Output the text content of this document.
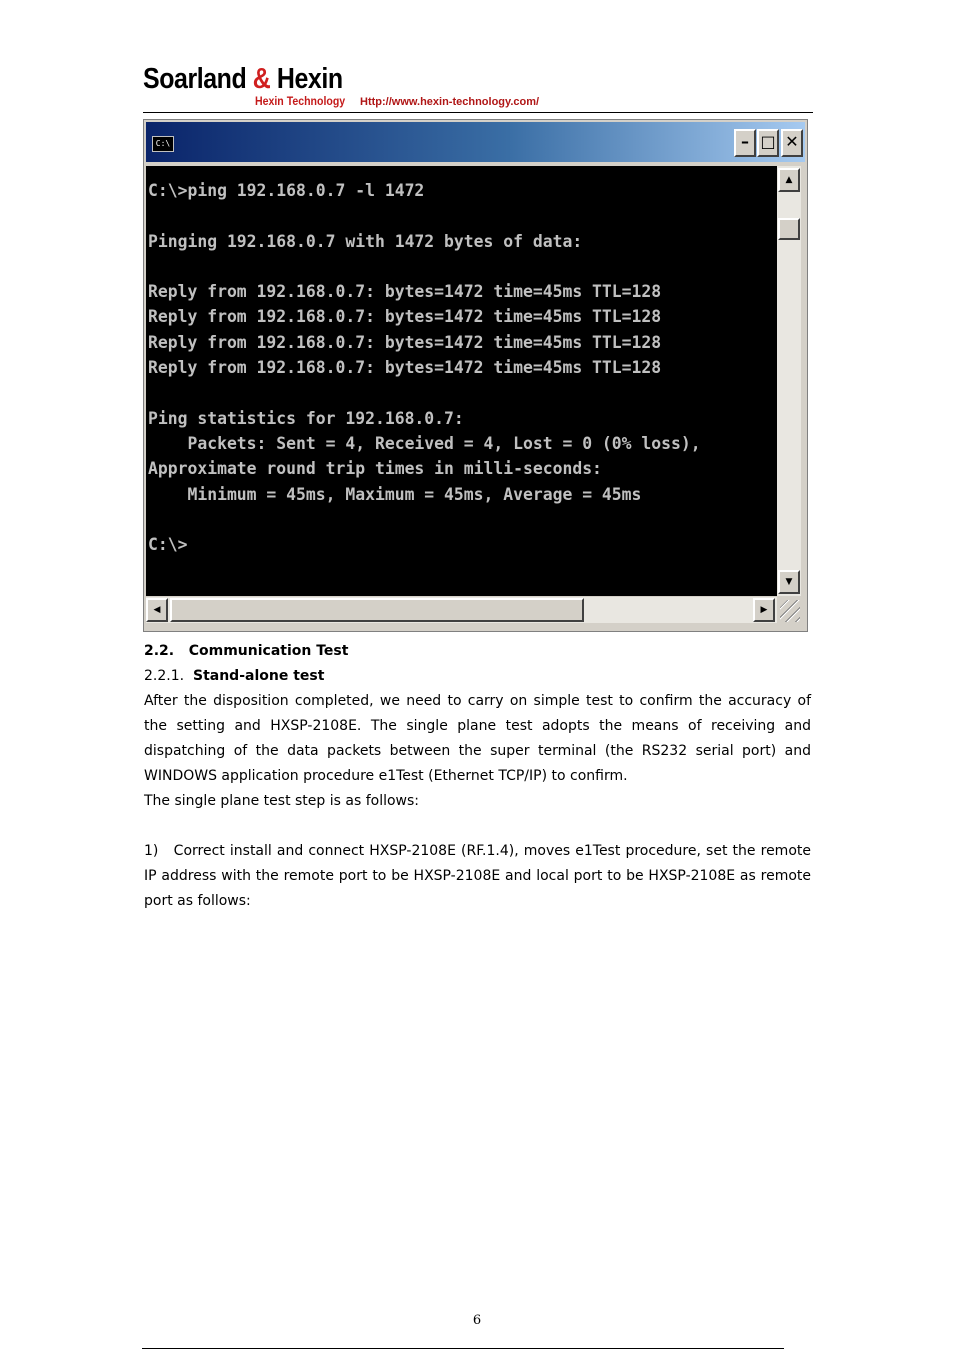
Soarland & Hexin
Hexin Technology Http://www.hexin-technology.com/
C:\	– □ ✕
C:\>ping 192.168.0.7 -l 1472

Pinging 192.168.0.7 with 1472 bytes of data:

Reply from 192.168.0.7: bytes=1472 time=45ms TTL=128
Reply from 192.168.0.7: bytes=1472 time=45ms TTL=128
Reply from 192.168.0.7: bytes=1472 time=45ms TTL=128
Reply from 192.168.0.7: bytes=1472 time=45ms TTL=128

Ping statistics for 192.168.0.7:
Packets: Sent = 4, Received = 4, Lost = 0 (0% loss),
Approximate round trip times in milli-seconds:
Minimum = 45ms, Maximum = 45ms, Average = 45ms

C:\>
▲
▼
◀	▶
2.2.   Communication Test
2.2.1. Stand-alone test
After the disposition completed, we need to carry on simple test to confirm the accuracy of the setting and HXSP-2108E. The single plane test adopts the means of receiving and dispatching of the data packets between the super terminal (the RS232 serial port) and WINDOWS application procedure e1Test (Ethernet TCP/IP) to confirm.
The single plane test step is as follows:
1)   Correct install and connect HXSP-2108E (RF.1.4), moves e1Test procedure, set the remote IP address with the remote port to be HXSP-2108E and local port to be HXSP-2108E as remote port as follows:
6
